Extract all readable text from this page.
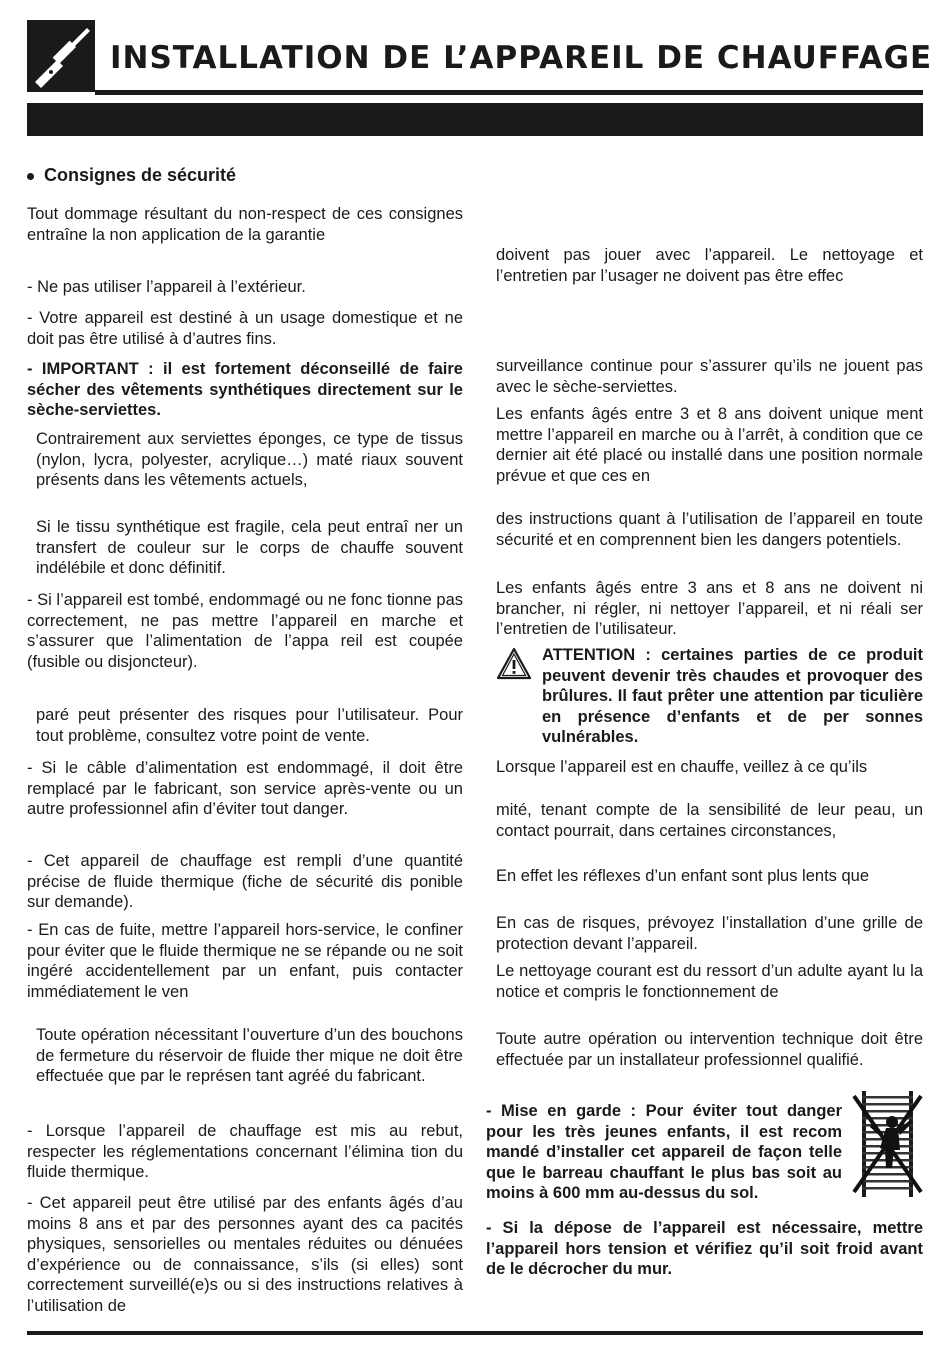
INSTALLATION DE L’APPAREIL DE CHAUFFAGE
Consignes de sécurité

Tout dommage résultant du non-respect de ces consignes entraîne la non application de la garantie

- Ne pas utiliser l’appareil à l’extérieur.

- Votre appareil est destiné à un usage domestique et ne doit pas être utilisé à d’autres fins.

- IMPORTANT : il est fortement déconseillé de faire sécher des vêtements synthétiques directement sur le sèche-serviettes.

Contrairement aux serviettes éponges, ce type de tissus (nylon, lycra, polyester, acrylique…) maté riaux souvent présents dans les vêtements actuels,

Si le tissu synthétique est fragile, cela peut entraî ner un transfert de couleur sur le corps de chauffe souvent indélébile et donc définitif.

- Si l’appareil est tombé, endommagé ou ne fonc tionne pas correctement, ne pas mettre l’appareil en marche et s’assurer que l’alimentation de l’appa reil est coupée (fusible ou disjoncteur).

paré peut présenter des risques pour l’utilisateur. Pour tout problème, consultez votre point de vente.

- Si le câble d’alimentation est endommagé, il doit être remplacé par le fabricant, son service après-vente ou un autre professionnel afin d’éviter tout danger.

- Cet appareil de chauffage est rempli d’une quantité précise de fluide thermique (fiche de sécurité dis ponible sur demande).

- En cas de fuite, mettre l’appareil hors-service, le confiner pour éviter que le fluide thermique ne se répande ou ne soit ingéré accidentellement par un enfant, puis contacter immédiatement le ven

Toute opération nécessitant l’ouverture d’un des bouchons de fermeture du réservoir de fluide ther mique ne doit être effectuée que par le représen tant agréé du fabricant.

- Lorsque l’appareil de chauffage est mis au rebut, respecter les réglementations concernant l’élimina tion du fluide thermique.

- Cet appareil peut être utilisé par des enfants âgés d’au moins 8 ans et par des personnes ayant des ca pacités physiques, sensorielles ou mentales réduites ou dénuées d’expérience ou de connaissance, s’ils (si elles) sont correctement surveillé(e)s ou si des instructions relatives à l’utilisation de

doivent pas jouer avec l’appareil. Le nettoyage et l’entretien par l’usager ne doivent pas être effec

surveillance continue pour s’assurer qu’ils ne jouent pas avec le sèche-serviettes.

Les enfants âgés entre 3 et 8 ans doivent unique ment mettre l’appareil en marche ou à l’arrêt, à condition que ce dernier ait été placé ou installé dans une position normale prévue et que ces en

des instructions quant à l’utilisation de l’appareil en toute sécurité et en comprennent bien les dangers potentiels.

Les enfants âgés entre 3 ans et 8 ans ne doivent ni brancher, ni régler, ni nettoyer l’appareil, et ni réali ser l’entretien de l’utilisateur.

ATTENTION : certaines parties de ce produit peuvent devenir très chaudes et provoquer des brûlures. Il faut prêter une attention par ticulière en présence d’enfants et de per sonnes vulnérables.

Lorsque l’appareil est en chauffe, veillez à ce qu’ils

mité, tenant compte de la sensibilité de leur peau, un contact pourrait, dans certaines circonstances,

En effet les réflexes d’un enfant sont plus lents que

En cas de risques, prévoyez l’installation d’une grille de protection devant l’appareil.

Le nettoyage courant est du ressort d’un adulte ayant lu la notice et compris le fonctionnement de

Toute autre opération ou intervention technique doit être effectuée par un installateur professionnel qualifié.

- Mise en garde : Pour éviter tout danger pour les très jeunes enfants, il est recom mandé d’installer cet appareil de façon telle que le barreau chauffant le plus bas soit au moins à 600 mm au-dessus du sol.

- Si la dépose de l’appareil est nécessaire, mettre l’appareil hors tension et vérifiez qu’il soit froid avant de le décrocher du mur.
